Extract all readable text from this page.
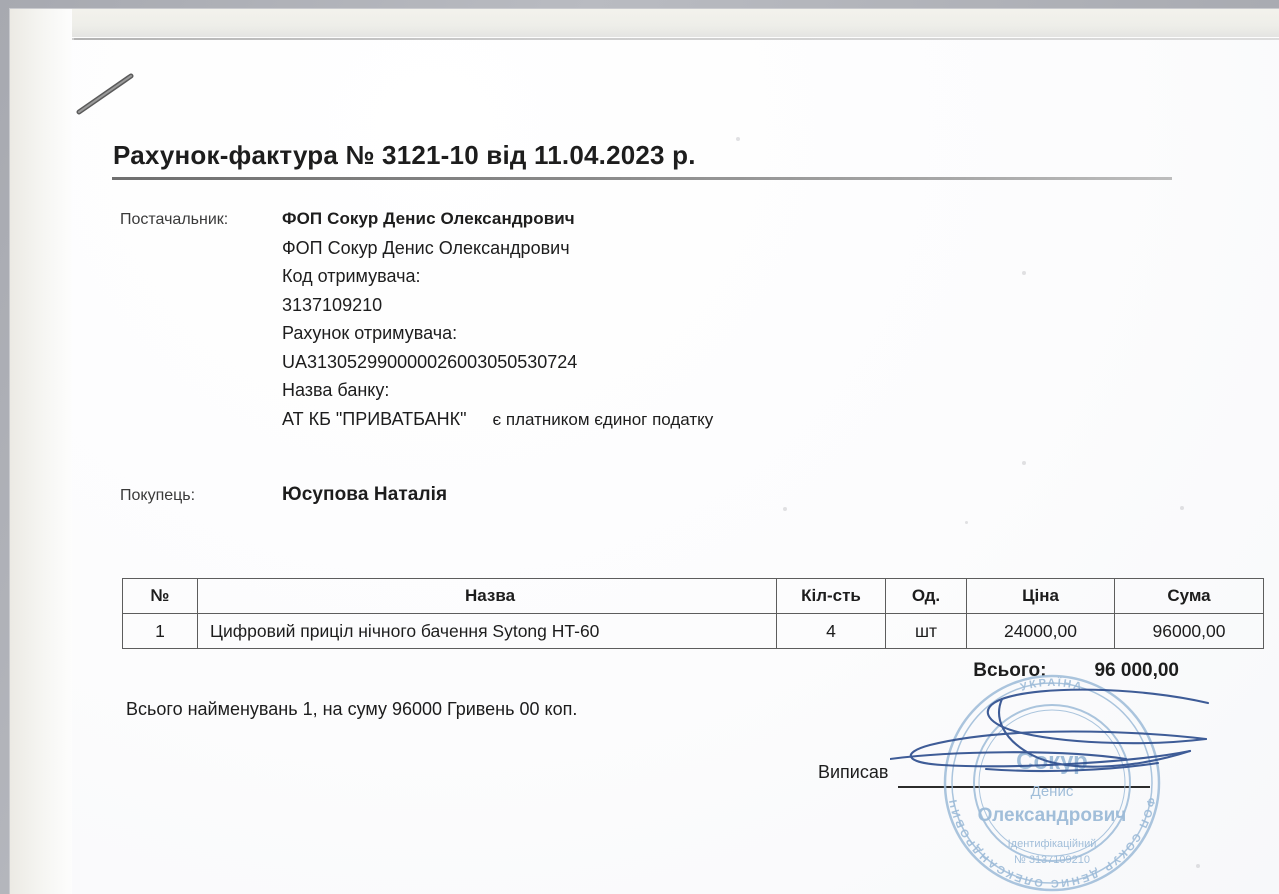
Рахунок-фактура № 3121-10 від 11.04.2023 р.
Постачальник:	ФОП Сокур Денис Олександрович
ФОП Сокур Денис Олександрович
Код отримувача:
3137109210
Рахунок отримувача:
UA313052990000026003050530724
Назва банку:
АТ КБ "ПРИВАТБАНК" є платником єдиног податку
Покупець:	Юсупова Наталія
№	Назва	Кіл-сть	Од.	Ціна	Сума
1	Цифровий приціл нічного бачення Sytong HT-60	4	шт	24000,00	96000,00
Всього:	96 000,00
Всього найменувань 1, на суму 96000 Гривень 00 коп.
Виписав
УКРАЇНА
ФОП СОКУР ДЕНИС ОЛЕКСАНДРОВИЧ
Сокур
Денис
Олександрович
Ідентифікаційний
№ 3137109210
